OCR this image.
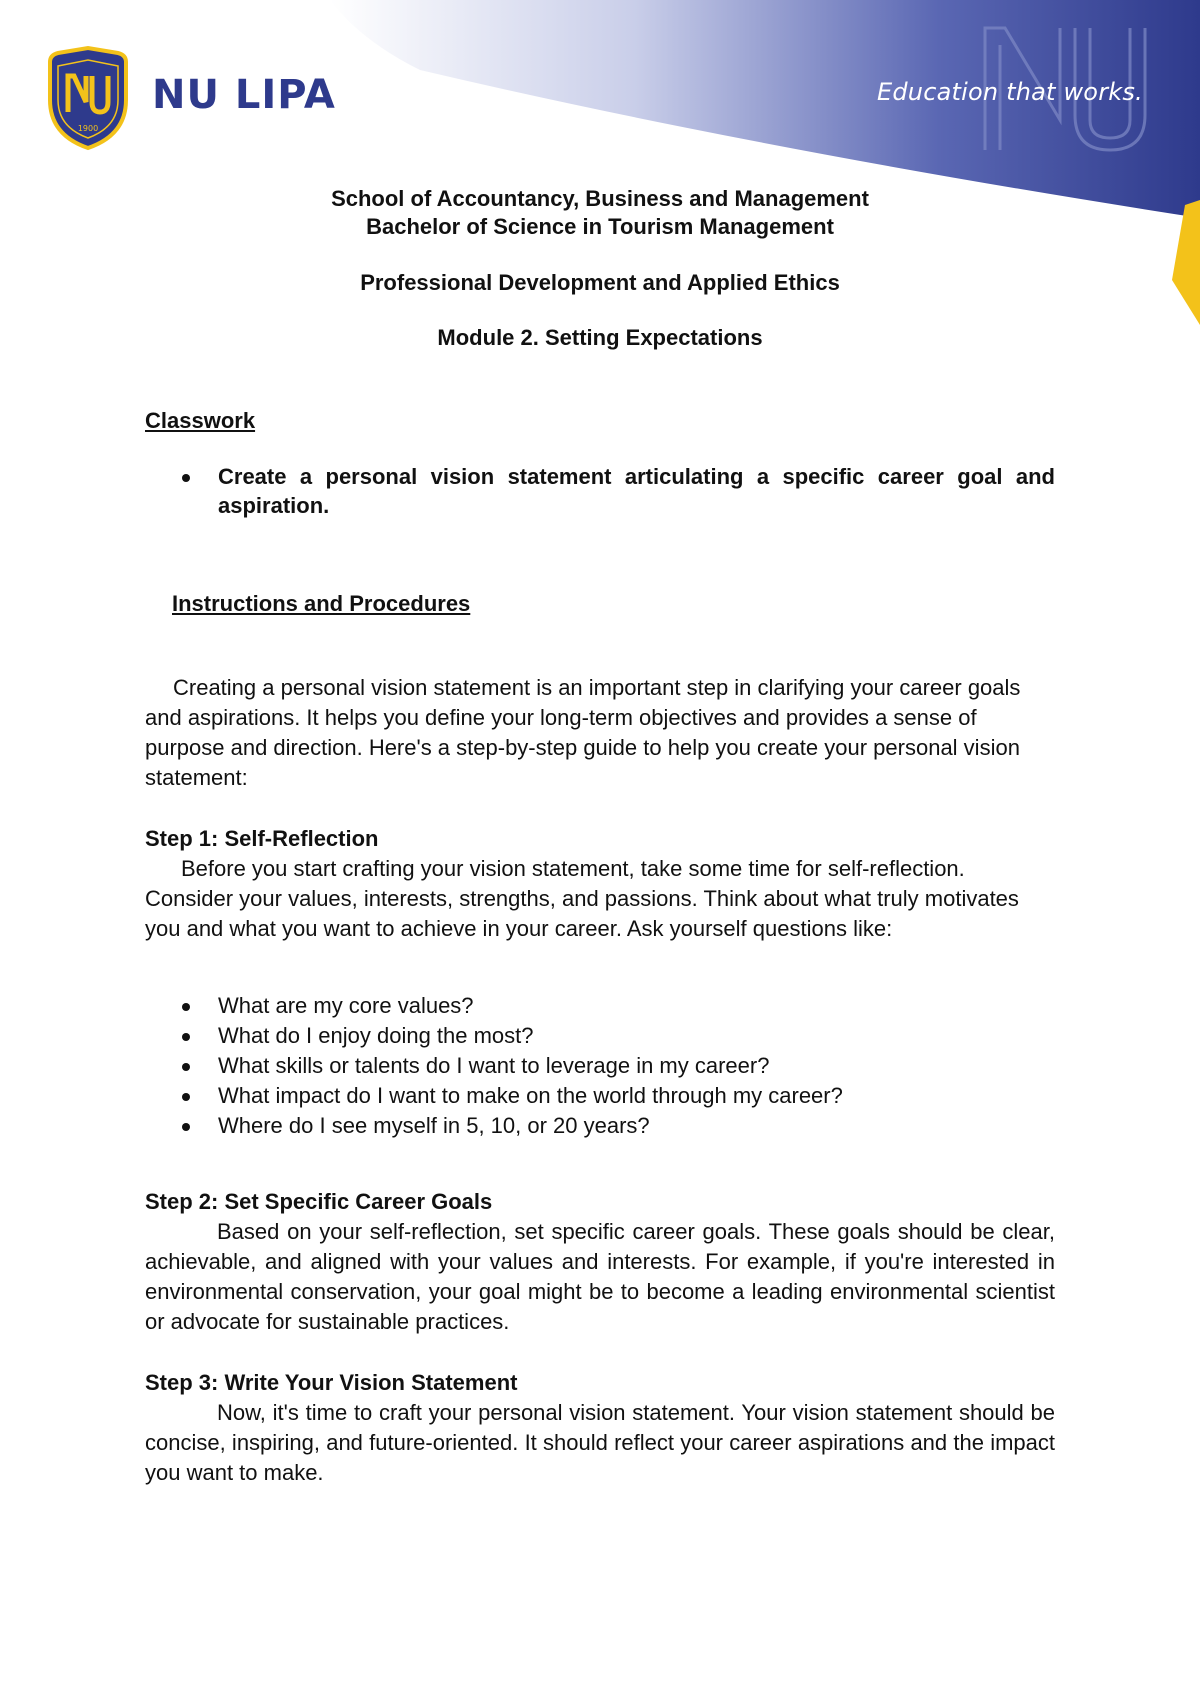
1900
NU LIPA	Education that works.
School of Accountancy, Business and Management
Bachelor of Science in Tourism Management
Professional Development and Applied Ethics
Module 2. Setting Expectations
Classwork
Create a personal vision statement articulating a specific career goal and aspiration.
Instructions and Procedures
Creating a personal vision statement is an important step in clarifying your career goals and aspirations. It helps you define your long-term objectives and provides a sense of purpose and direction. Here's a step-by-step guide to help you create your personal vision statement:
Step 1: Self-Reflection
Before you start crafting your vision statement, take some time for self-reflection. Consider your values, interests, strengths, and passions. Think about what truly motivates you and what you want to achieve in your career. Ask yourself questions like:
What are my core values?
What do I enjoy doing the most?
What skills or talents do I want to leverage in my career?
What impact do I want to make on the world through my career?
Where do I see myself in 5, 10, or 20 years?
Step 2: Set Specific Career Goals
Based on your self-reflection, set specific career goals. These goals should be clear, achievable, and aligned with your values and interests. For example, if you're interested in environmental conservation, your goal might be to become a leading environmental scientist or advocate for sustainable practices.
Step 3: Write Your Vision Statement
Now, it's time to craft your personal vision statement. Your vision statement should be concise, inspiring, and future-oriented. It should reflect your career aspirations and the impact you want to make.
